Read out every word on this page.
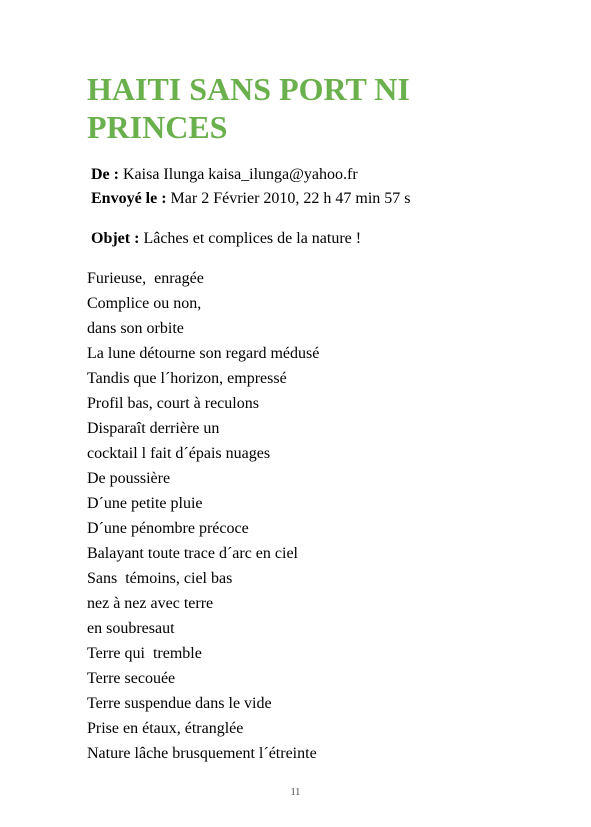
HAITI SANS PORT NI PRINCES
De : Kaisa Ilunga kaisa_ilunga@yahoo.fr
Envoyé le : Mar 2 Février 2010, 22 h 47 min 57 s
Objet : Lâches et complices de la nature !
Furieuse,  enragée
Complice ou non,
dans son orbite
La lune détourne son regard médusé
Tandis que l´horizon, empressé
Profil bas, court à reculons
Disparaît derrière un
cocktail l fait d´épais nuages
De poussière
D´une petite pluie
D´une pénombre précoce
Balayant toute trace d´arc en ciel
Sans  témoins, ciel bas
nez à nez avec terre
en soubresaut
Terre qui  tremble
Terre secouée
Terre suspendue dans le vide
Prise en étaux, étranglée
Nature lâche brusquement l´étreinte
11
